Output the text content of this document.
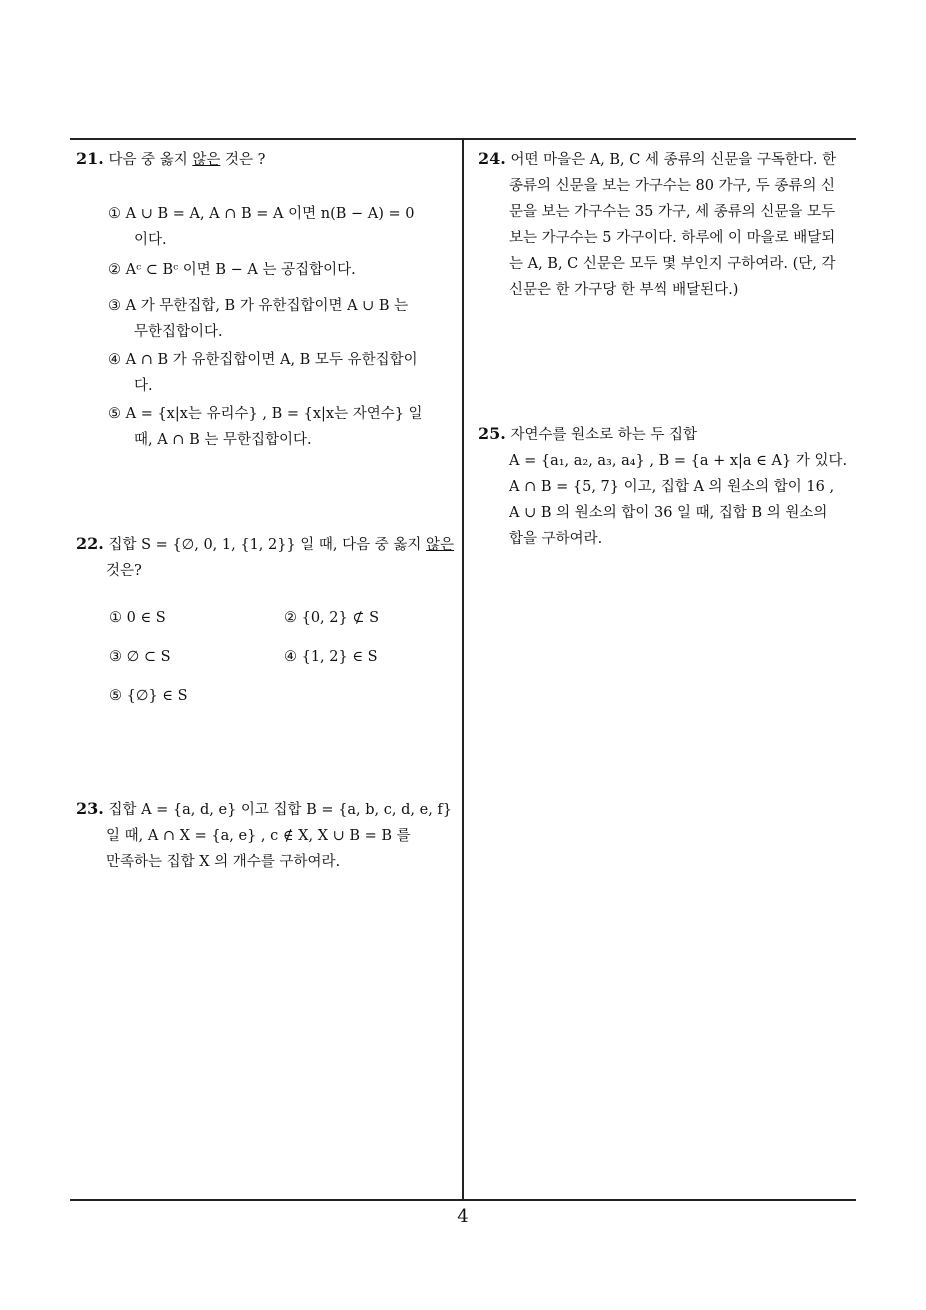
21. 다음 중 옳지 않은 것은 ?
① A ∪ B = A, A ∩ B = A 이면 n(B − A) = 0
이다.
② Aᶜ ⊂ Bᶜ 이면 B − A 는 공집합이다.
③ A 가 무한집합, B 가 유한집합이면 A ∪ B 는
무한집합이다.
④ A ∩ B 가 유한집합이면 A, B 모두 유한집합이
다.
⑤ A = {x|x는 유리수} , B = {x|x는 자연수} 일
때, A ∩ B 는 무한집합이다.
22. 집합 S = {∅, 0, 1, {1, 2}} 일 때, 다음 중 옳지 않은
것은?
① 0 ∈ S	② {0, 2} ⊄ S
③ ∅ ⊂ S	④ {1, 2} ∈ S
⑤ {∅} ∈ S
23. 집합 A = {a, d, e} 이고 집합 B = {a, b, c, d, e, f}
일 때, A ∩ X = {a, e} , c ∉ X, X ∪ B = B 를
만족하는 집합 X 의 개수를 구하여라.
24. 어떤 마을은 A, B, C 세 종류의 신문을 구독한다. 한
종류의 신문을 보는 가구수는 80 가구, 두 종류의 신
문을 보는 가구수는 35 가구, 세 종류의 신문을 모두
보는 가구수는 5 가구이다. 하루에 이 마을로 배달되
는 A, B, C 신문은 모두 몇 부인지 구하여라. (단, 각
신문은 한 가구당 한 부씩 배달된다.)
25. 자연수를 원소로 하는 두 집합
A = {a₁, a₂, a₃, a₄} , B = {a + x|a ∈ A} 가 있다.
A ∩ B = {5, 7} 이고, 집합 A 의 원소의 합이 16 ,
A ∪ B 의 원소의 합이 36 일 때, 집합 B 의 원소의
합을 구하여라.
4
